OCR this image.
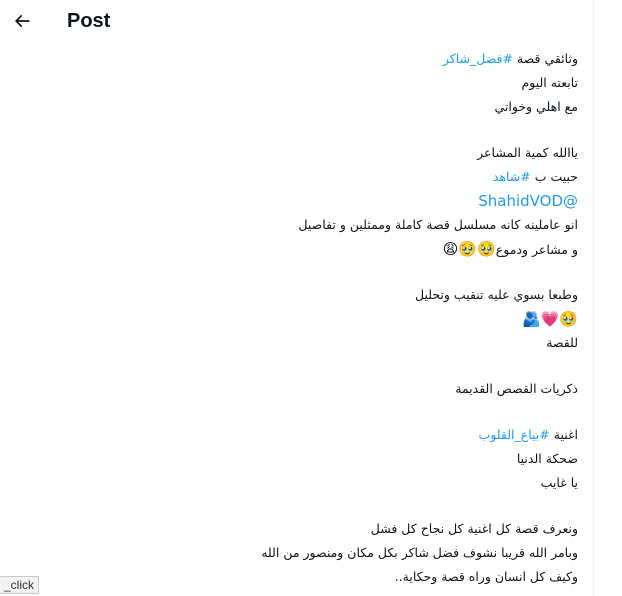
Post
وثائقي قصة #فضل_شاكر
تابعته اليوم
مع اهلي وخواتي
ياالله كمية المشاعر
حبيت ب #شاهد
@ShahidVOD
انو عاملينه كانه مسلسل قصة كاملة وممثلين و تفاصيل
و مشاعر ودموع🥹🥹😩
وطبعا بسوي عليه تنقيب وتحليل
🥹💗🫂
للقصة
ذكريات القصص القديمة
اغنية #بياع_القلوب
ضحكة الدنيا
يا غايب
ونعرف قصة كل اغنية كل نجاح كل فشل
وبامر الله قريبا نشوف فضل شاكر بكل مكان ومنصور من الله
وكيف كل انسان وراه قصة وحكاية..
_click
